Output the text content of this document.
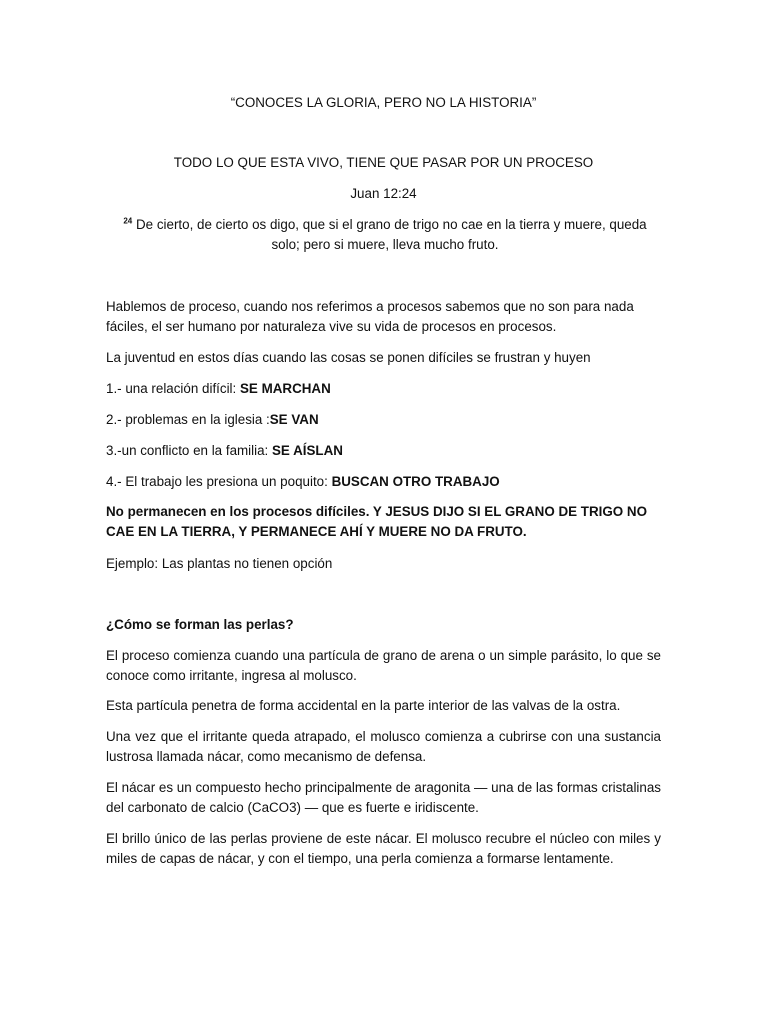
“CONOCES LA GLORIA, PERO NO LA HISTORIA”

TODO LO QUE ESTA VIVO, TIENE QUE PASAR POR UN PROCESO

Juan 12:24

$^{24}$ De cierto, de cierto os digo, que si el grano de trigo no cae en la tierra y muere, queda solo; pero si muere, lleva mucho fruto.

Hablemos de proceso, cuando nos referimos a procesos sabemos que no son para nada fáciles, el ser humano por naturaleza vive su vida de procesos en procesos.

La juventud en estos días cuando las cosas se ponen difíciles se frustran y huyen

1.- una relación difícil: SE MARCHAN

2.- problemas en la iglesia :SE VAN

3.-un conflicto en la familia: SE AÍSLAN

4.- El trabajo les presiona un poquito: BUSCAN OTRO TRABAJO

No permanecen en los procesos difíciles. Y JESUS DIJO SI EL GRANO DE TRIGO NO CAE EN LA TIERRA, Y PERMANECE AHÍ Y MUERE NO DA FRUTO.

Ejemplo: Las plantas no tienen opción

¿Cómo se forman las perlas?

El proceso comienza cuando una partícula de grano de arena o un simple parásito, lo que se conoce como irritante, ingresa al molusco.

Esta partícula penetra de forma accidental en la parte interior de las valvas de la ostra.

Una vez que el irritante queda atrapado, el molusco comienza a cubrirse con una sustancia lustrosa llamada nácar, como mecanismo de defensa.

El nácar es un compuesto hecho principalmente de aragonita — una de las formas cristalinas del carbonato de calcio (CaCO3) — que es fuerte e iridiscente.

El brillo único de las perlas proviene de este nácar. El molusco recubre el núcleo con miles y miles de capas de nácar, y con el tiempo, una perla comienza a formarse lentamente.
